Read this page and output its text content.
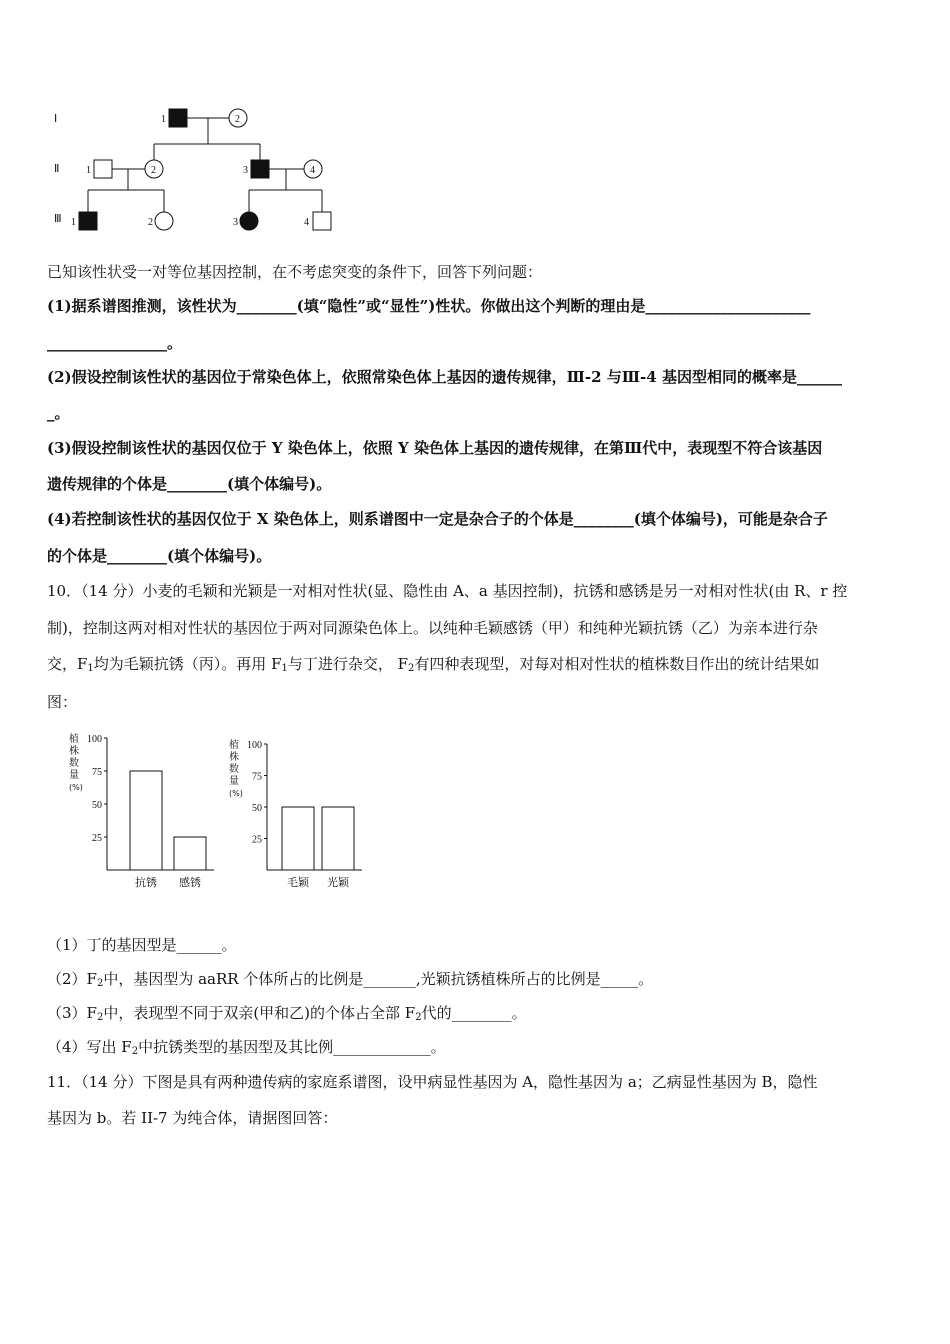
Ⅰ
Ⅱ
Ⅲ
1	2
1	2	3	4
1	2	3	4
已知该性状受一对等位基因控制，在不考虑突变的条件下，回答下列问题：
(1)据系谱图推测，该性状为________(填“隐性”或“显性”)性状。你做出这个判断的理由是______________________
________________。
(2)假设控制该性状的基因位于常染色体上，依照常染色体上基因的遗传规律，Ⅲ-2 与Ⅲ-4 基因型相同的概率是______
_。
(3)假设控制该性状的基因仅位于 Y 染色体上，依照 Y 染色体上基因的遗传规律，在第Ⅲ代中，表现型不符合该基因
遗传规律的个体是________(填个体编号)。
(4)若控制该性状的基因仅位于 X 染色体上，则系谱图中一定是杂合子的个体是________(填个体编号)，可能是杂合子
的个体是________(填个体编号)。
10．（14 分）小麦的毛颖和光颖是一对相对性状(显、隐性由 A、a 基因控制)，抗锈和感锈是另一对相对性状(由 R、r 控
制)，控制这两对相对性状的基因位于两对同源染色体上。以纯种毛颖感锈（甲）和纯种光颖抗锈（乙）为亲本进行杂
交，$F_1$均为毛颖抗锈（丙）。再用 $F_1$与丁进行杂交， $F_2$有四种表现型，对每对相对性状的植株数目作出的统计结果如
图：
植
株
数
量
(%)
100
75
50
25
抗锈 感锈
植
株
数
量
(%)
100
75
50
25
毛颖 光颖
（1）丁的基因型是______。
$(2)F_2$中，基因型为 aaRR 个体所占的比例是_______,光颖抗锈植株所占的比例是_____。
$(3)F_2$中，表现型不同于双亲(甲和乙)的个体占全部 $F_2$代的________。
（4）写出 $F_2$中抗锈类型的基因型及其比例_____________。
11．（14 分）下图是具有两种遗传病的家庭系谱图，设甲病显性基因为 A，隐性基因为 a；乙病显性基因为 B，隐性
基因为 b。若 II-7 为纯合体，请据图回答：
